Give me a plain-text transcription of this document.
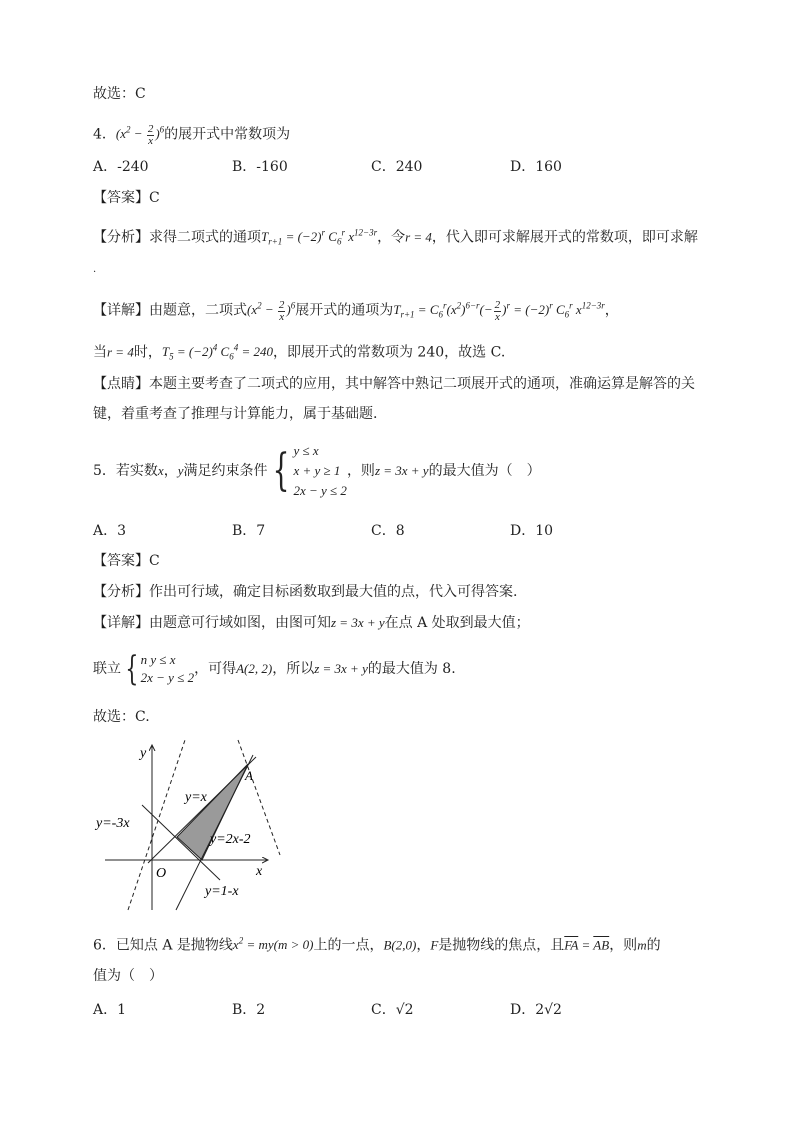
故选：C
4．$(x^2 - \frac{2}{x} )^6$的展开式中常数项为
A．-240	B．-160	C．240	D．160
【答案】C
【分析】求得二项式的通项$T_{r+1} = (-2)^r$ $C_6^r$ $x^{12-3r}$，令r = 4，代入即可求解展开式的常数项，即可求解
.
【详解】由题意，二项式$(x^2 - \frac{2}{x} )^6$展开式的通项为$T_{r+1} = C_6^r(x^2)^{6-r}(- \frac{2}{x} )^r = (-2)^r$ $C_6^r$ $x^{12-3r}$，
当r = 4时，$T_5 = (-2)^4$ $C_6^4 = 240$，即展开式的常数项为 240，故选 C.
【点睛】本题主要考查了二项式的应用，其中解答中熟记二项展开式的通项，准确运算是解答的关
键，着重考查了推理与计算能力，属于基础题.
5．若实数x，y满足约束条件 { y ≤ x
x + y ≥ 1
2x − y ≤ 2
，则z = 3x + y的最大值为（　）
A．3	B．7	C．8	D．10
【答案】C
【分析】作出可行域，确定目标函数取到最大值的点，代入可得答案.
【详解】由题意可行域如图，由图可知z = 3x + y在点 A 处取到最大值；
联立 { n y ≤ x
2x − y ≤ 2
，可得A(2, 2)，所以z = 3x + y的最大值为 8.
故选：C.
y
x
O
A
y=x
y=-3x
y=2x-2
y=1-x
6．已知点 A 是抛物线$x^2 = my(m > 0)$上的一点，B(2,0)，F是抛物线的焦点，且$\overline{FA} = \overline{AB}$，则m的
值为（　）
A．1	B．2	C．√2	D．2√2
